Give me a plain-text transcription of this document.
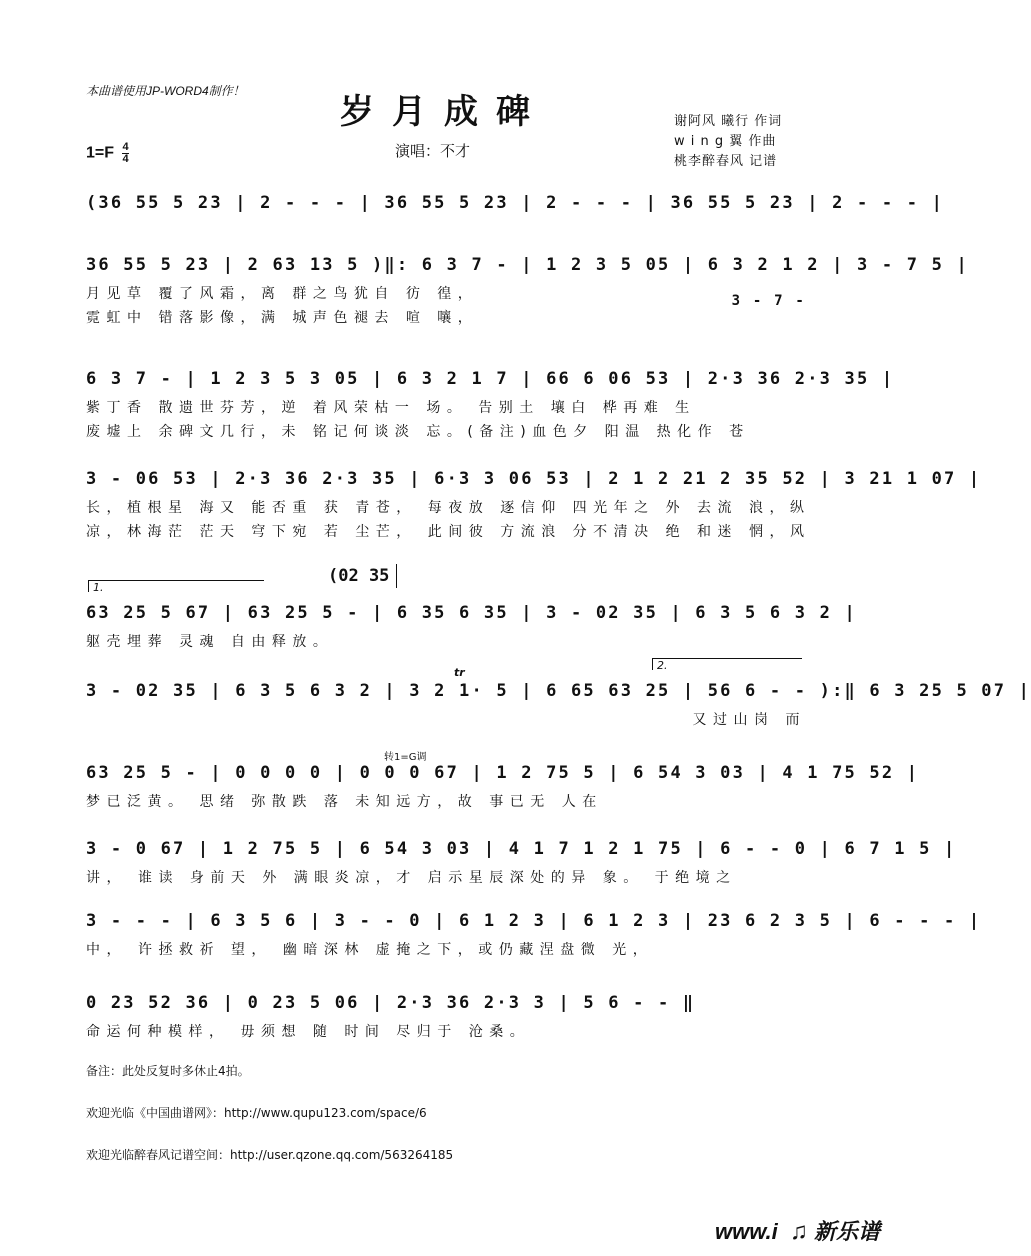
本曲谱使用JP-WORD4制作！
岁月成碑	谢阿风 曦行 作词
w i n g 翼 作曲
桃李醉春风 记谱
$1=F \frac{4}{4}$	演唱：不才
(36 55 5 23 | 2 - - - | 36 55 5 23 | 2 - - - | 36 55 5 23 | 2 - - - |
36 55 5 23 | 2 63 13 5 )‖: 6 3 7 - | 1 2 3 5 05 | 6 3 2 1 2 | 3 - 7 5 |
月见草 覆了风霜，离 群之鸟犹自 彷 徨，
霓虹中 错落影像，满 城声色褪去 喧 嚷，
3 - 7 -
6 3 7 - | 1 2 3 5 3 05 | 6 3 2 1 7 | 66 6 06 53 | 2·3 36 2·3 35 |
紫丁香 散遗世芬芳，逆 着风荣枯一 场。 告别土 壤白 桦再难 生
废墟上 余碑文几行，未 铭记何谈淡 忘。(备注)血色夕 阳温 热化作 苍
3 - 06 53 | 2·3 36 2·3 35 | 6·3 3 06 53 | 2 1 2 21 2 35 52 | 3 21 1 07 |
长，植根星 海又 能否重 获 青苍， 每夜放 逐信仰 四光年之 外 去流 浪，纵
凉，林海茫 茫天 穹下宛 若 尘芒， 此间彼 方流浪 分不清决 绝 和迷 惘，风
(02 35
1.
63 25 5 67 | 63 25 5 - | 6 35 6 35 | 3 - 02 35 | 6 3 5 6 3 2 |
躯壳埋葬 灵魂 自由释放。
2.
tr
3 - 02 35 | 6 3 5 6 3 2 | 3 2 1· 5 | 6 65 63 25 | 56 6 - - ):‖ 6 3 25 5 07 |
又过山岗 而
转1=G调
63 25 5 - | 0 0 0 0 | 0 0 0 67 | 1 2 75 5 | 6 54 3 03 | 4 1 75 52 |
梦已泛黄。 思绪 弥散跌 落 未知远方，故 事已无 人在
3 - 0 67 | 1 2 75 5 | 6 54 3 03 | 4 1 7 1 2 1 75 | 6 - - 0 | 6 7 1 5 |
讲， 谁读 身前天 外 满眼炎凉，才 启示星辰深处的异 象。 于绝境之
3 - - - | 6 3 5 6 | 3 - - 0 | 6 1 2 3 | 6 1 2 3 | 23 6 2 3 5 | 6 - - - |
中， 许拯救祈 望， 幽暗深林 虚掩之下，或仍藏涅盘微 光，
0 23 52 36 | 0 23 5 06 | 2·3 36 2·3 3 | 5 6 - - ‖
命运何种模样， 毋须想 随 时间 尽归于 沧桑。
备注：此处反复时多休止4拍。
欢迎光临《中国曲谱网》：http://www.qupu123.com/space/6
欢迎光临醉春风记谱空间：http://user.qzone.qq.com/563264185
www.i ♫ 新乐谱
